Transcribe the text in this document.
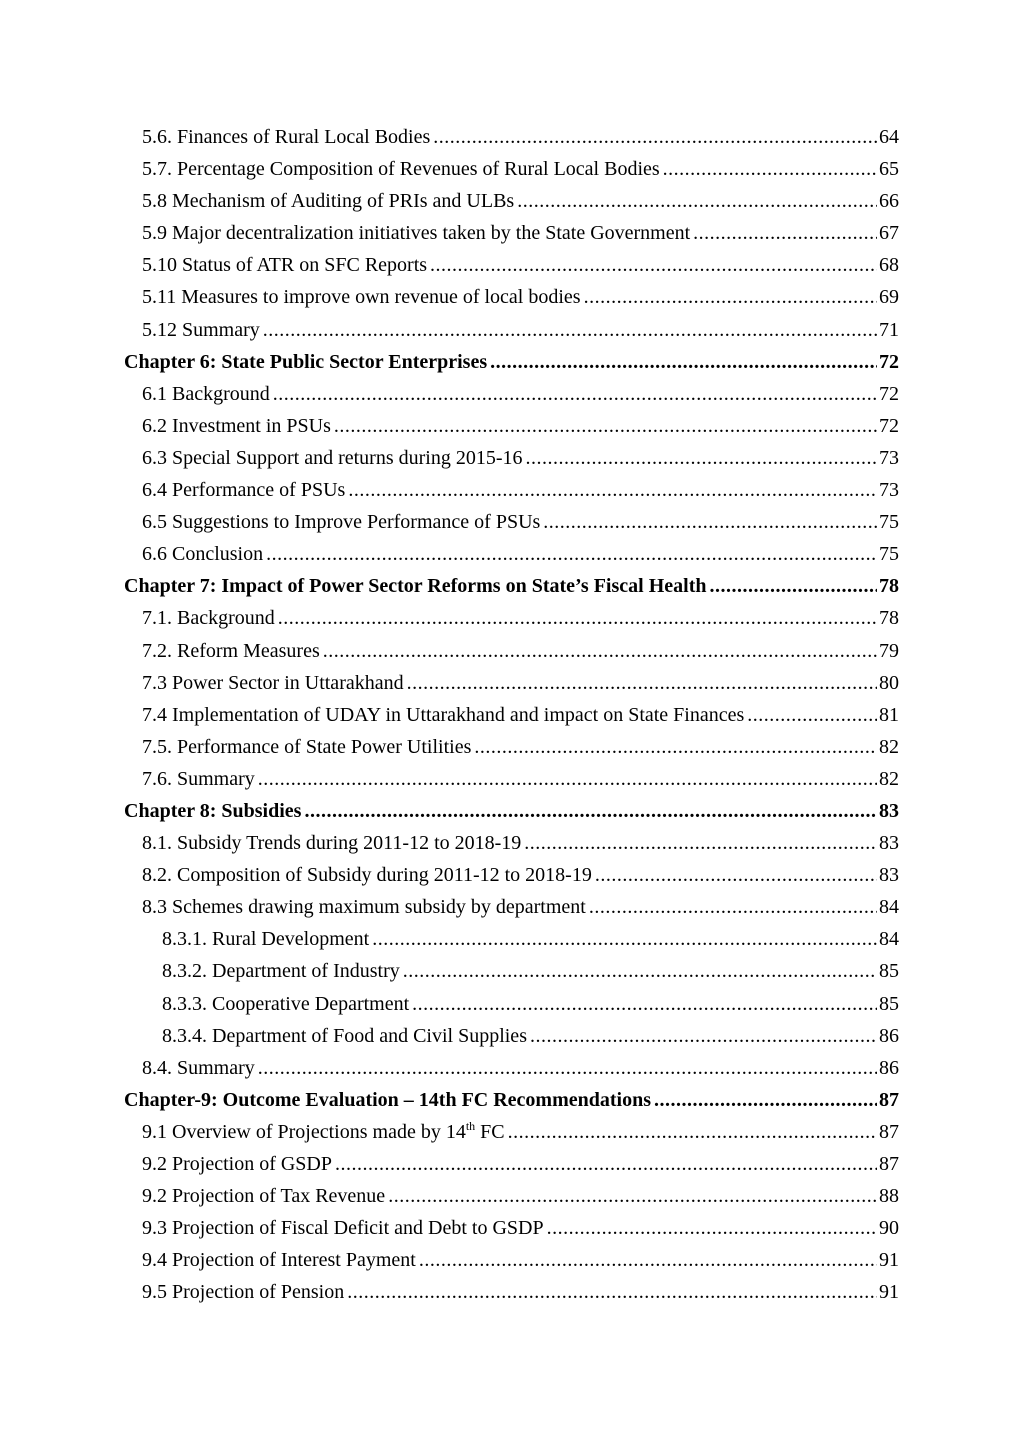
5.6. Finances of Rural Local Bodies .....	64
5.7. Percentage Composition of Revenues of Rural Local Bodies .....	65
5.8 Mechanism of Auditing of PRIs and ULBs .....	66
5.9 Major decentralization initiatives taken by the State Government .....	67
5.10 Status of ATR on SFC Reports .....	68
5.11 Measures to improve own revenue of local bodies .....	69
5.12 Summary .....	71
Chapter 6: State Public Sector Enterprises .....	72
6.1 Background .....	72
6.2 Investment in PSUs .....	72
6.3 Special Support and returns during 2015-16 .....	73
6.4 Performance of PSUs .....	73
6.5 Suggestions to Improve Performance of PSUs .....	75
6.6 Conclusion .....	75
Chapter 7: Impact of Power Sector Reforms on State’s Fiscal Health .....	78
7.1. Background .....	78
7.2. Reform Measures .....	79
7.3 Power Sector in Uttarakhand .....	80
7.4 Implementation of UDAY in Uttarakhand and impact on State Finances .....	81
7.5. Performance of State Power Utilities .....	82
7.6. Summary .....	82
Chapter 8: Subsidies .....	83
8.1. Subsidy Trends during 2011-12 to 2018-19 .....	83
8.2. Composition of Subsidy during 2011-12 to 2018-19 .....	83
8.3 Schemes drawing maximum subsidy by department .....	84
8.3.1. Rural Development .....	84
8.3.2. Department of Industry .....	85
8.3.3. Cooperative Department .....	85
8.3.4. Department of Food and Civil Supplies .....	86
8.4. Summary .....	86
Chapter-9: Outcome Evaluation – 14th FC Recommendations .....	87
9.1 Overview of Projections made by 14th FC .....	87
9.2 Projection of GSDP .....	87
9.2 Projection of Tax Revenue .....	88
9.3 Projection of Fiscal Deficit and Debt to GSDP .....	90
9.4 Projection of Interest Payment .....	91
9.5 Projection of Pension .....	91
